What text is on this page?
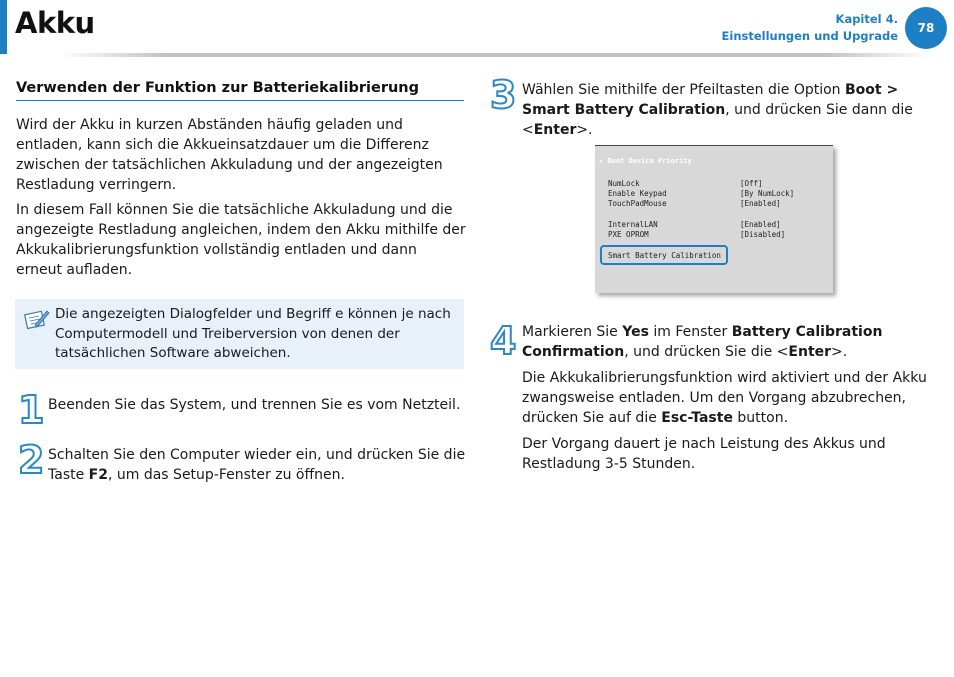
Akku	Kapitel 4.
Einstellungen und Upgrade
78
Verwenden der Funktion zur Batteriekalibrierung

Wird der Akku in kurzen Abständen häufig geladen und entladen, kann sich die Akkueinsatzdauer um die Differenz zwischen der tatsächlichen Akkuladung und der angezeigten Restladung verringern.

In diesem Fall können Sie die tatsächliche Akkuladung und die angezeigte Restladung angleichen, indem den Akku mithilfe der Akkukalibrierungsfunktion vollständig entladen und dann erneut aufladen.

Die angezeigten Dialogfelder und Begriff e können je nach Computermodell und Treiberversion von denen der tatsächlichen Software abweichen.

1 Beenden Sie das System, und trennen Sie es vom Netzteil.

2 Schalten Sie den Computer wieder ein, und drücken Sie die Taste F2, um das Setup-Fenster zu öffnen.

3 Wählen Sie mithilfe der Pfeiltasten die Option Boot > Smart Battery Calibration, und drücken Sie dann die <Enter>.

▸ Boot Device Priority
NumLock	[Off]
Enable Keypad	[By NumLock]
TouchPadMouse	[Enabled]
InternalLAN	[Enabled]
PXE OPROM	[Disabled]
Smart Battery Calibration
4 Markieren Sie Yes im Fenster Battery Calibration Confirmation, und drücken Sie die <Enter>.

Die Akkukalibrierungsfunktion wird aktiviert und der Akku zwangsweise entladen. Um den Vorgang abzubrechen, drücken Sie auf die Esc-Taste button.

Der Vorgang dauert je nach Leistung des Akkus und Restladung 3-5 Stunden.
